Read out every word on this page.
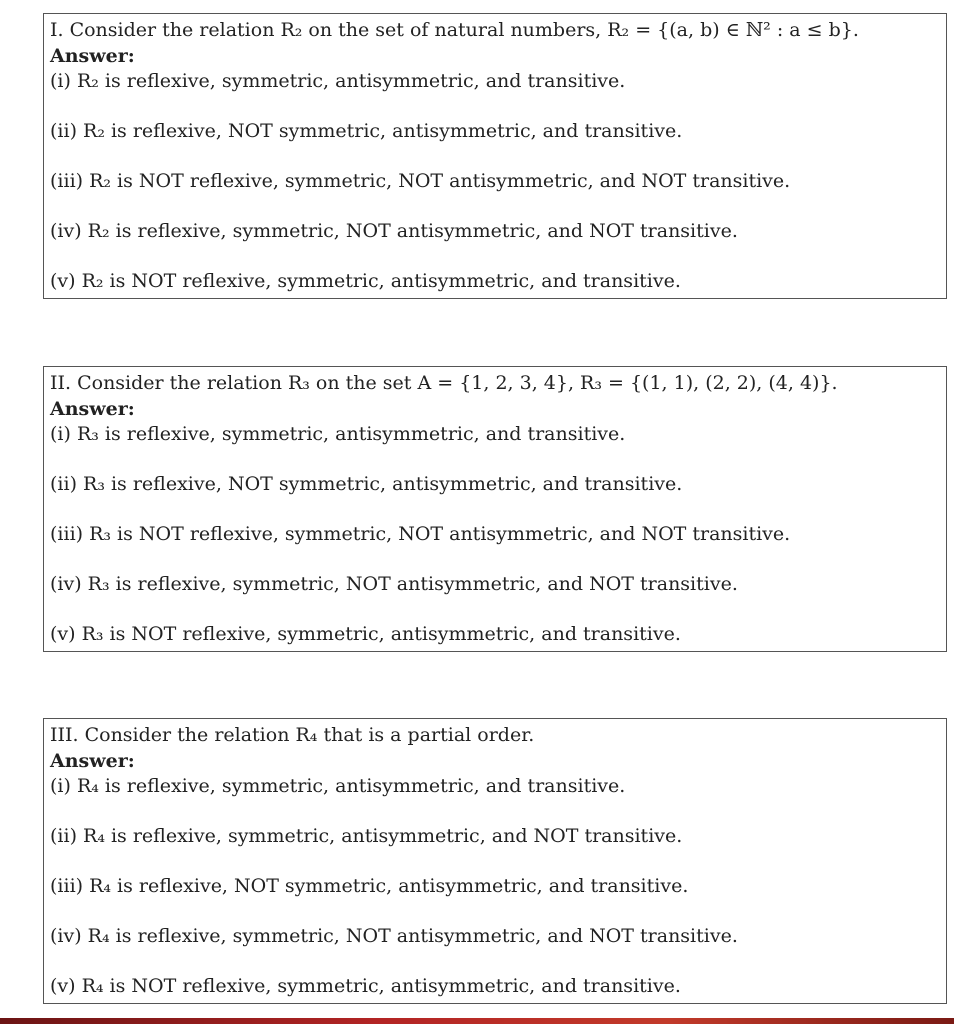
I. Consider the relation R₂ on the set of natural numbers, R₂ = {(a, b) ∈ ℕ² : a ≤ b}.
Answer:
(i) R₂ is reflexive, symmetric, antisymmetric, and transitive.
(ii) R₂ is reflexive, NOT symmetric, antisymmetric, and transitive.
(iii) R₂ is NOT reflexive, symmetric, NOT antisymmetric, and NOT transitive.
(iv) R₂ is reflexive, symmetric, NOT antisymmetric, and NOT transitive.
(v) R₂ is NOT reflexive, symmetric, antisymmetric, and transitive.
II. Consider the relation R₃ on the set A = {1, 2, 3, 4}, R₃ = {(1, 1), (2, 2), (4, 4)}.
Answer:
(i) R₃ is reflexive, symmetric, antisymmetric, and transitive.
(ii) R₃ is reflexive, NOT symmetric, antisymmetric, and transitive.
(iii) R₃ is NOT reflexive, symmetric, NOT antisymmetric, and NOT transitive.
(iv) R₃ is reflexive, symmetric, NOT antisymmetric, and NOT transitive.
(v) R₃ is NOT reflexive, symmetric, antisymmetric, and transitive.
III. Consider the relation R₄ that is a partial order.
Answer:
(i) R₄ is reflexive, symmetric, antisymmetric, and transitive.
(ii) R₄ is reflexive, symmetric, antisymmetric, and NOT transitive.
(iii) R₄ is reflexive, NOT symmetric, antisymmetric, and transitive.
(iv) R₄ is reflexive, symmetric, NOT antisymmetric, and NOT transitive.
(v) R₄ is NOT reflexive, symmetric, antisymmetric, and transitive.
